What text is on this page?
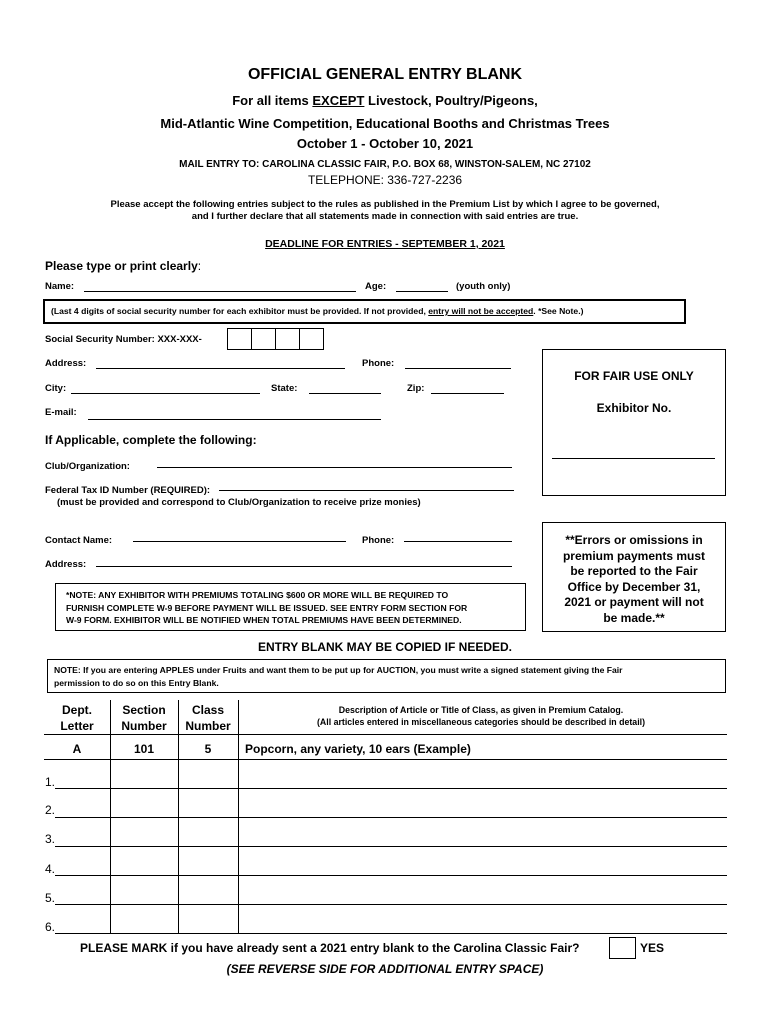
OFFICIAL GENERAL ENTRY BLANK
For all items EXCEPT Livestock, Poultry/Pigeons,
Mid-Atlantic Wine Competition, Educational Booths and Christmas Trees
October 1 - October 10, 2021
MAIL ENTRY TO: CAROLINA CLASSIC FAIR, P.O. BOX 68, WINSTON-SALEM, NC 27102
TELEPHONE: 336-727-2236
Please accept the following entries subject to the rules as published in the Premium List by which I agree to be governed,
and I further declare that all statements made in connection with said entries are true.
DEADLINE FOR ENTRIES - SEPTEMBER 1, 2021
Please type or print clearly:
Name:	Age:	(youth only)
(Last 4 digits of social security number for each exhibitor must be provided. If not provided, entry will not be accepted. *See Note.)
Social Security Number: XXX-XXX-
Address:	Phone:
City:	State:	Zip:
E-mail:
FOR FAIR USE ONLY
Exhibitor No.
If Applicable, complete the following:
Club/Organization:
Federal Tax ID Number (REQUIRED):
(must be provided and correspond to Club/Organization to receive prize monies)
Contact Name:	Phone:
Address:
*NOTE: ANY EXHIBITOR WITH PREMIUMS TOTALING $600 OR MORE WILL BE REQUIRED TO
FURNISH COMPLETE W-9 BEFORE PAYMENT WILL BE ISSUED. SEE ENTRY FORM SECTION FOR
W-9 FORM. EXHIBITOR WILL BE NOTIFIED WHEN TOTAL PREMIUMS HAVE BEEN DETERMINED.
**Errors or omissions in
premium payments must
be reported to the Fair
Office by December 31,
2021 or payment will not
be made.**
ENTRY BLANK MAY BE COPIED IF NEEDED.
NOTE: If you are entering APPLES under Fruits and want them to be put up for AUCTION, you must write a signed statement giving the Fair
permission to do so on this Entry Blank.
Dept.
Letter
Section
Number
Class
Number
Description of Article or Title of Class, as given in Premium Catalog.
(All articles entered in miscellaneous categories should be described in detail)
A	101	5	Popcorn, any variety, 10 ears (Example)
1.
2.
3.
4.
5.
6.
PLEASE MARK if you have already sent a 2021 entry blank to the Carolina Classic Fair?	YES
(SEE REVERSE SIDE FOR ADDITIONAL ENTRY SPACE)
